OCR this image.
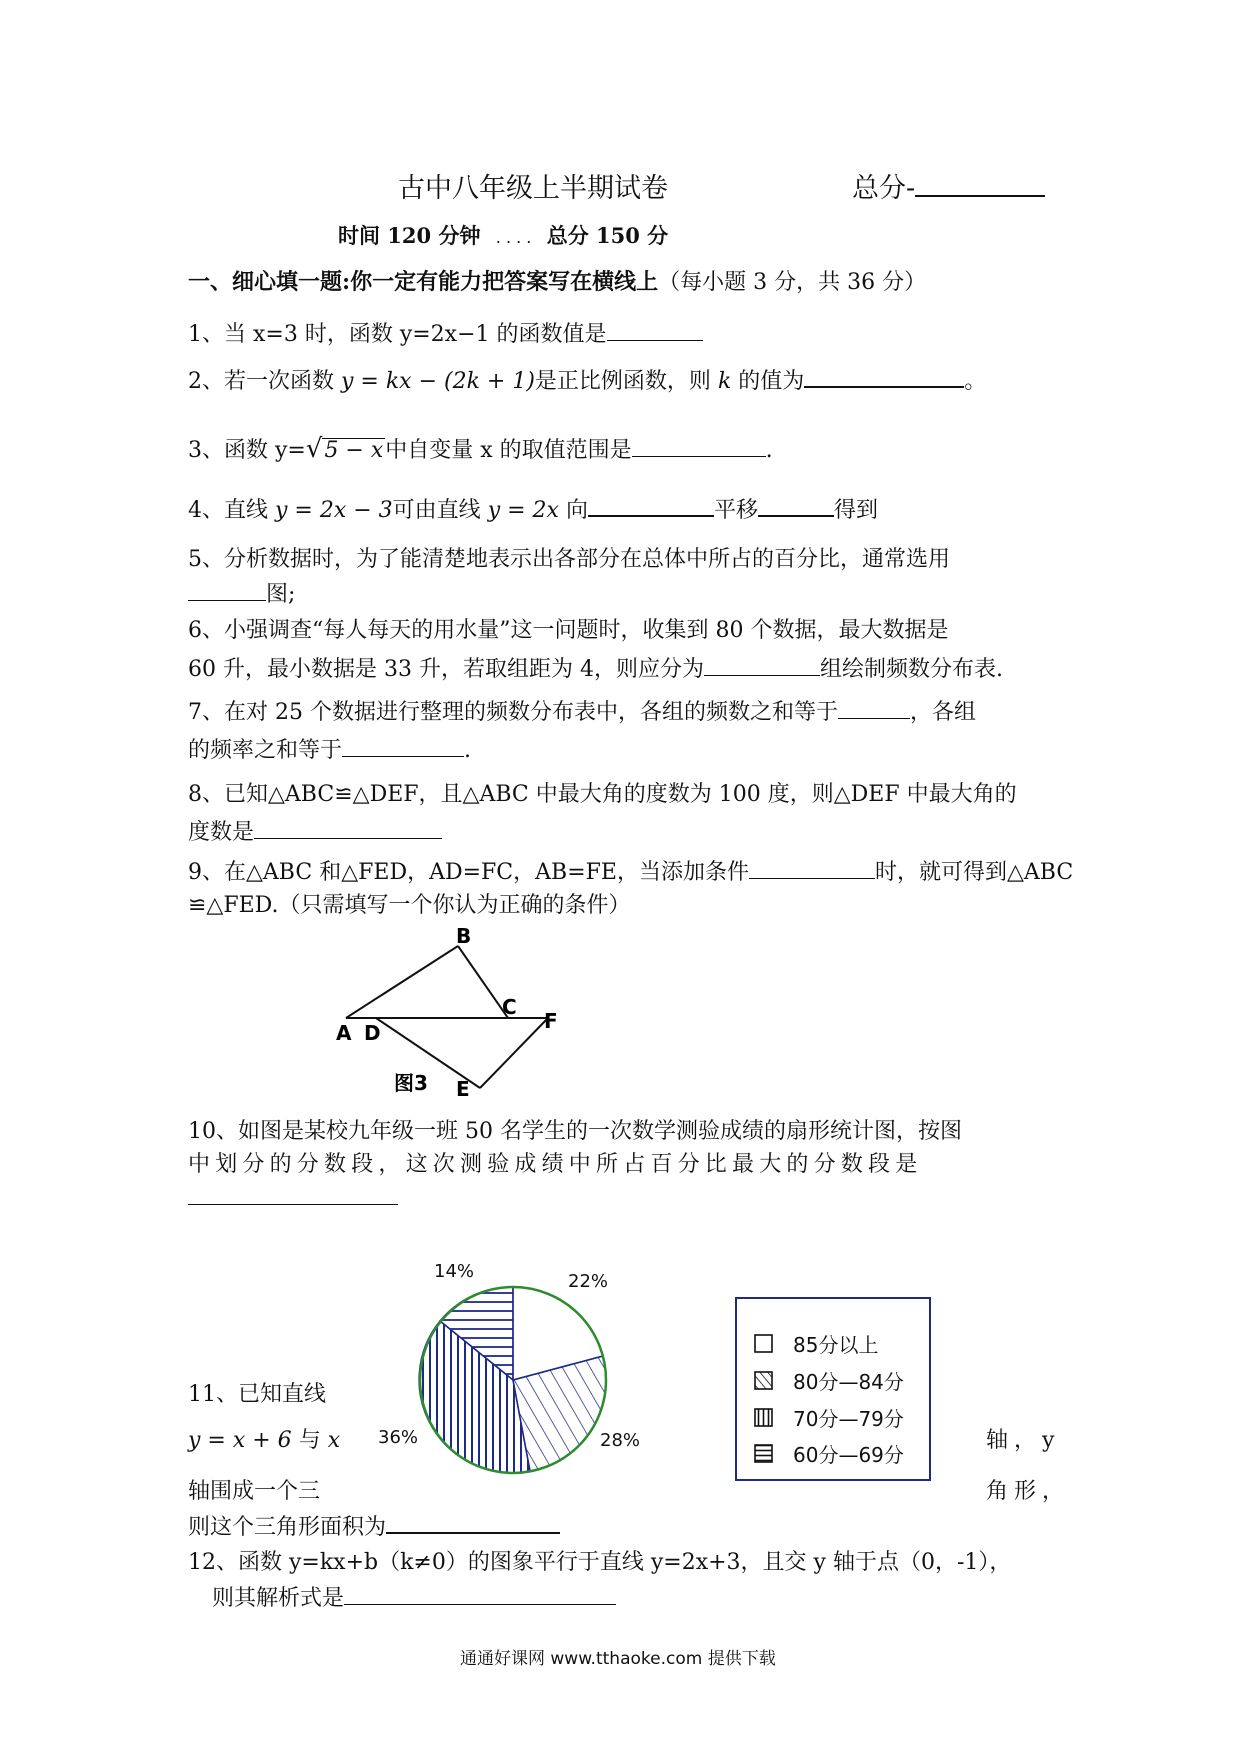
古中八年级上半期试卷	总分-
时间 120 分钟 . . . . 总分 150 分
一、细心填一题:你一定有能力把答案写在横线上（每小题 3 分，共 36 分）
1、当 x=3 时，函数 y=2x−1 的函数值是
2、若一次函数 y = kx − (2k + 1)是正比例函数，则 k 的值为	。
3、函数 y=√5 − x中自变量 x 的取值范围是	.
4、直线 y = 2x − 3可由直线 y = 2x 向	平移	得到
5、分析数据时，为了能清楚地表示出各部分在总体中所占的百分比，通常选用
图;
6、小强调查“每人每天的用水量”这一问题时，收集到 80 个数据，最大数据是
60 升，最小数据是 33 升，若取组距为 4，则应分为	组绘制频数分布表.
7、在对 25 个数据进行整理的频数分布表中，各组的频数之和等于	，各组
的频率之和等于	.
8、已知△ABC≌△DEF，且△ABC 中最大角的度数为 100 度，则△DEF 中最大角的
度数是
9、在△ABC 和△FED，AD=FC，AB=FE，当添加条件	时，就可得到△ABC
≌△FED.（只需填写一个你认为正确的条件）
B
C
A D	F
E
图3
10、如图是某校九年级一班 50 名学生的一次数学测验成绩的扇形统计图，按图
中划分的分数段，这次测验成绩中所占百分比最大的分数段是
14%	22%
36%	28%
85分以上
80分—84分
70分—79分
60分—69分
11、已知直线
y = x + 6 与 x	轴，y
轴围成一个三	角形，
则这个三角形面积为
12、函数 y=kx+b（k≠0）的图象平行于直线 y=2x+3，且交 y 轴于点（0，-1），
则其解析式是
通通好课网 www.tthaoke.com 提供下载
